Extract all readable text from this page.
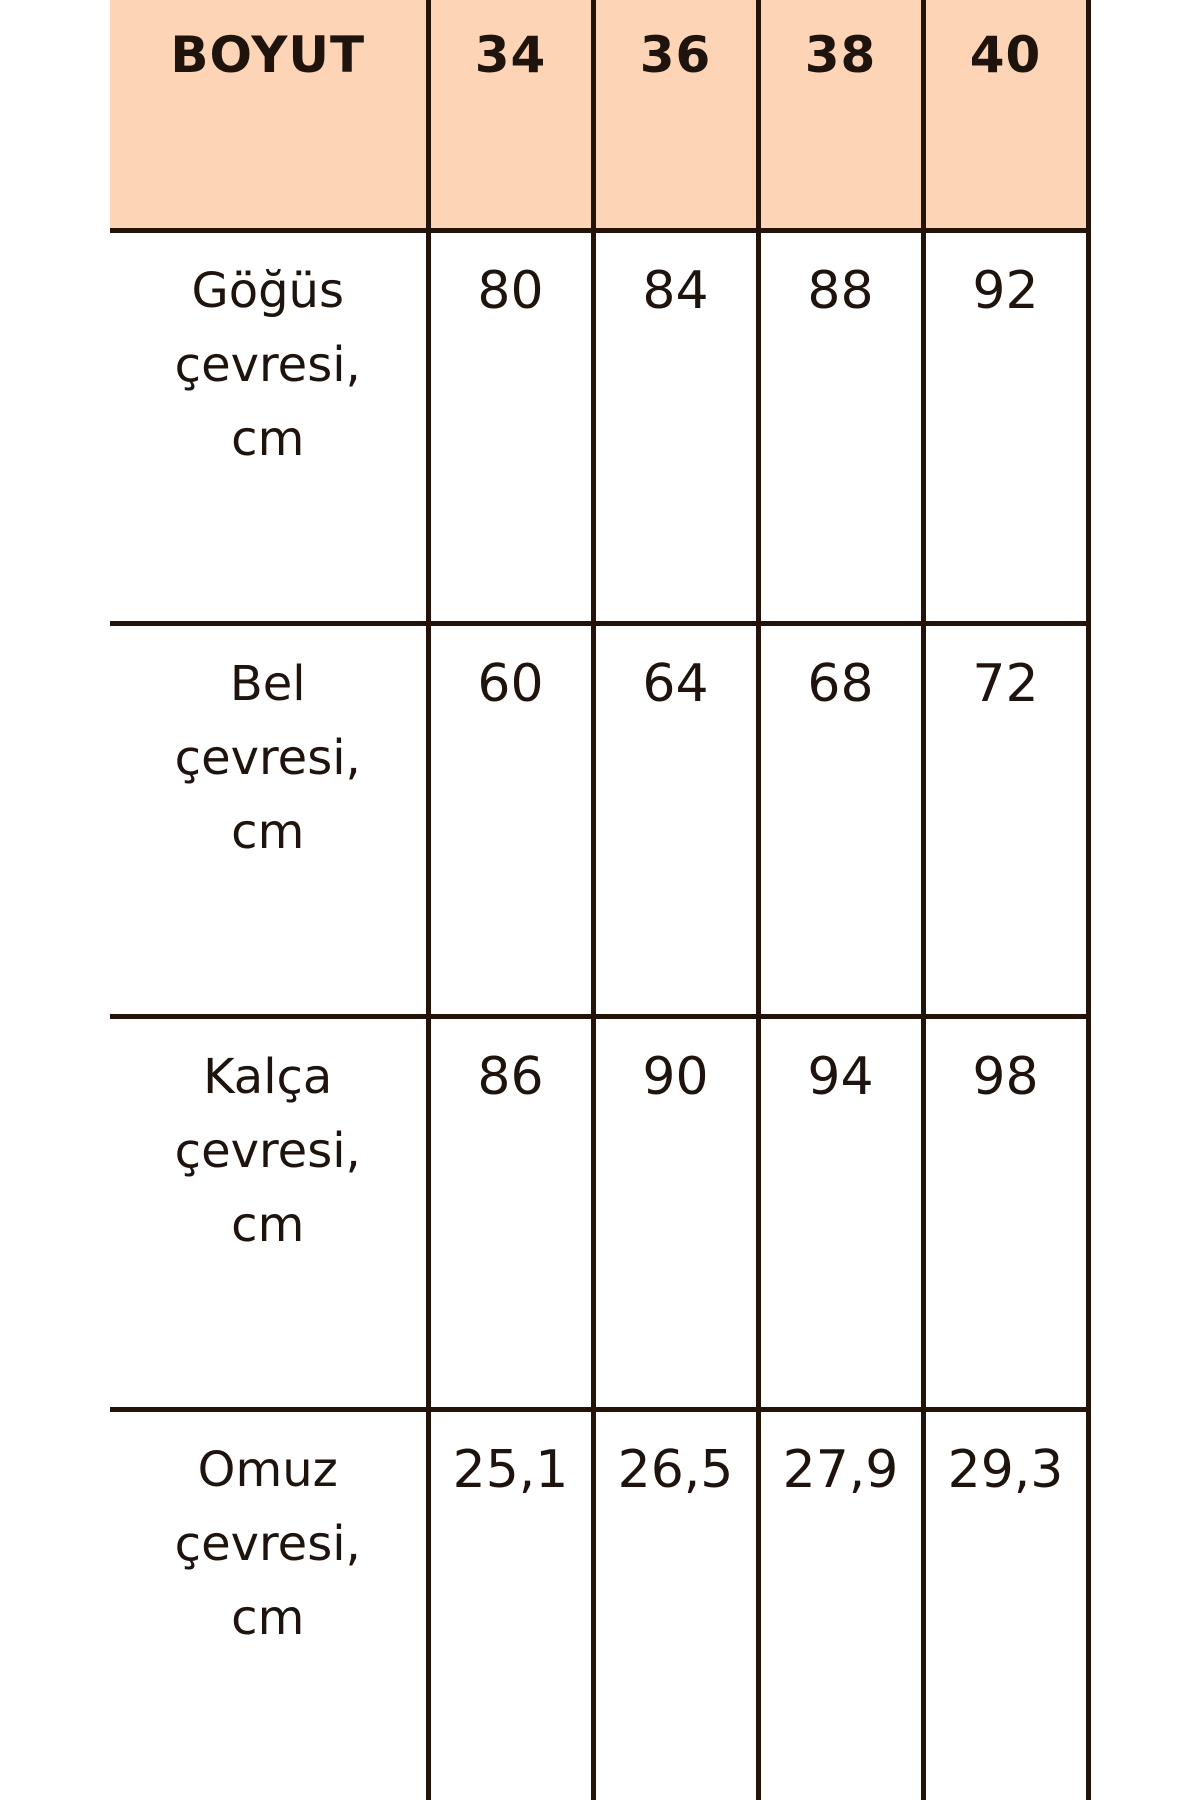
BOYUT	34	36	38	40

Göğüs
çevresi,
cm	80	84	88	92

Bel
çevresi,
cm	60	64	68	72

Kalça
çevresi,
cm	86	90	94	98

Omuz
çevresi,
cm	25,1	26,5	27,9	29,3
